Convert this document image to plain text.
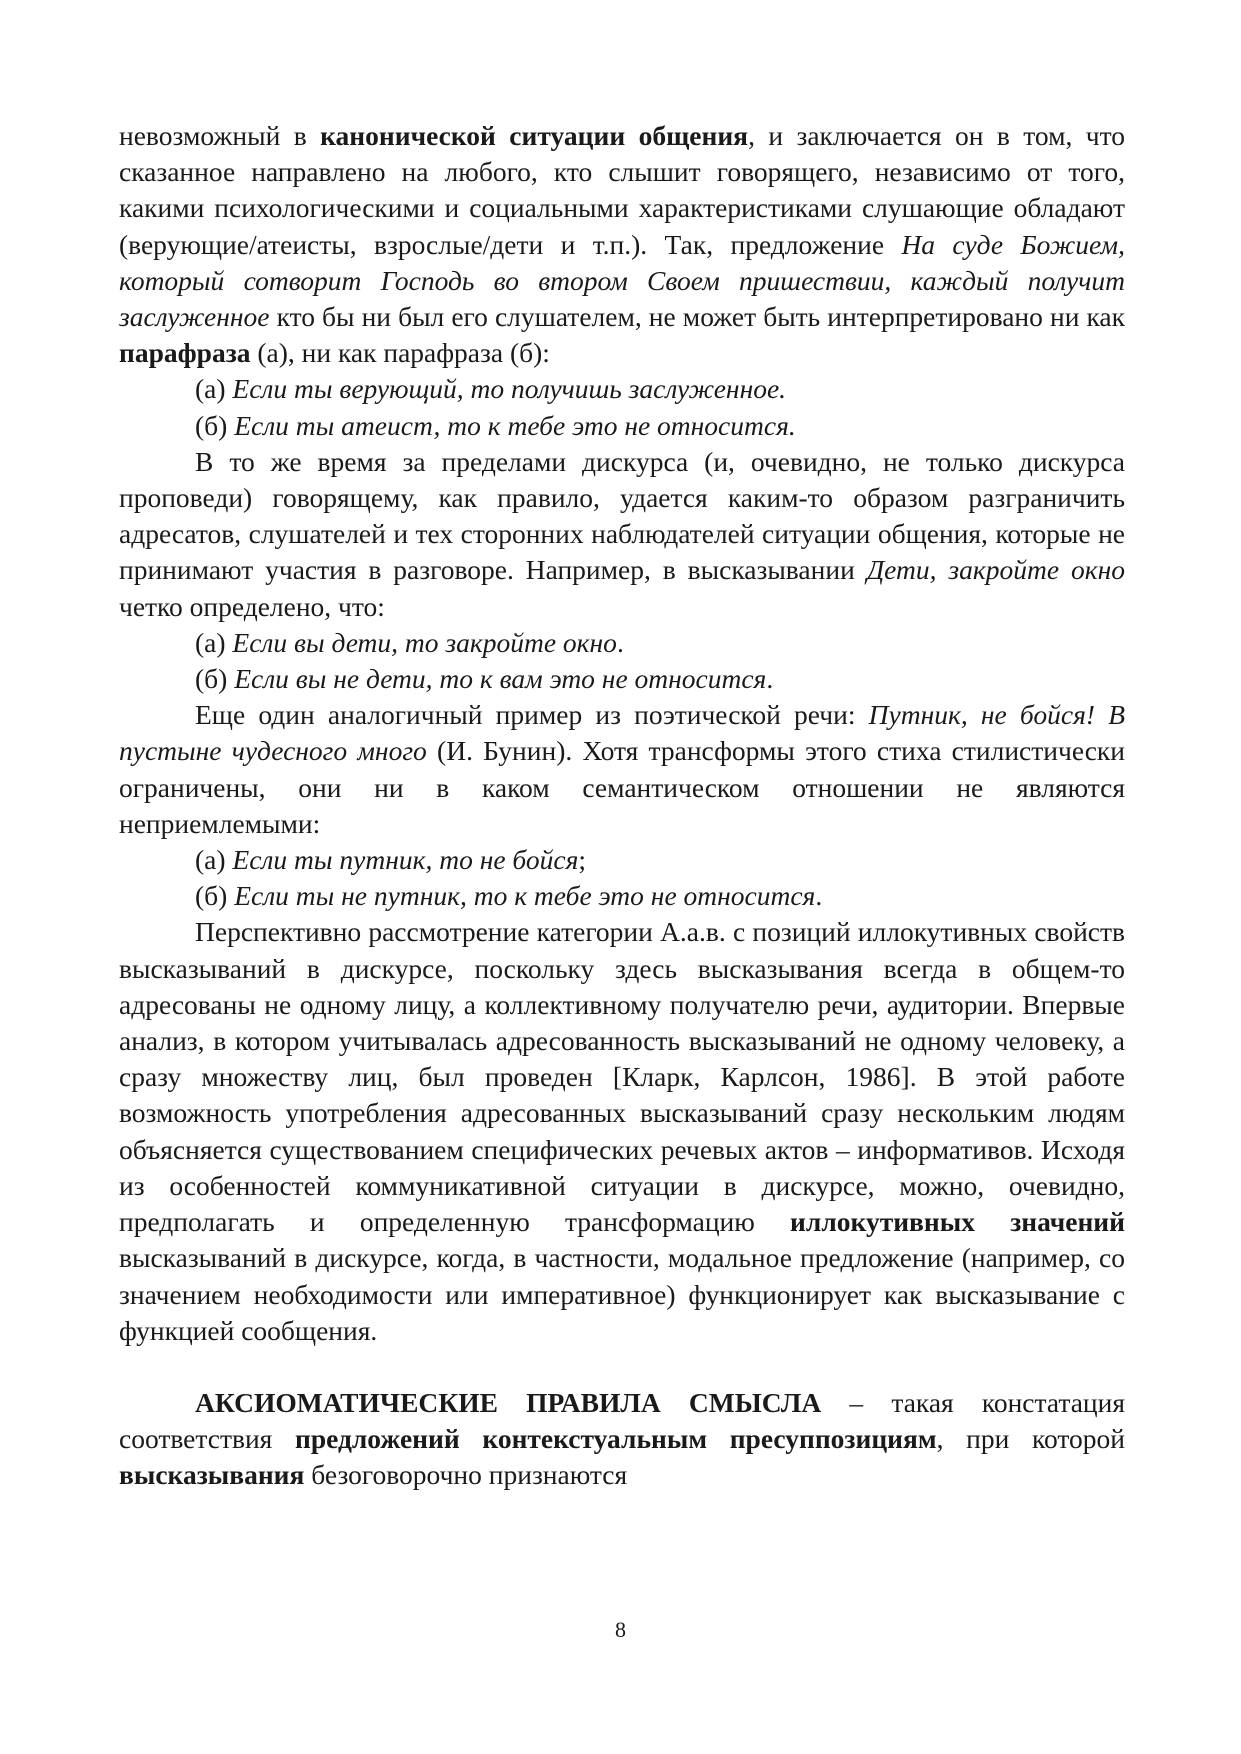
невозможный в канонической ситуации общения, и заключается он в том, что сказанное направлено на любого, кто слышит говорящего, независимо от того, какими психологическими и социальными характеристиками слушающие обладают (верующие/атеисты, взрослые/дети и т.п.). Так, предложение На суде Божием, который сотворит Господь во втором Своем пришествии, каждый получит заслуженное кто бы ни был его слушателем, не может быть интерпретировано ни как парафраза (а), ни как парафраза (б):

(а) Если ты верующий, то получишь заслуженное.

(б) Если ты атеист, то к тебе это не относится.

В то же время за пределами дискурса (и, очевидно, не только дискурса проповеди) говорящему, как правило, удается каким-то образом разграничить адресатов, слушателей и тех сторонних наблюдателей ситуации общения, которые не принимают участия в разговоре. Например, в высказывании Дети, закройте окно четко определено, что:

(а) Если вы дети, то закройте окно.

(б) Если вы не дети, то к вам это не относится.

Еще один аналогичный пример из поэтической речи: Путник, не бойся! В пустыне чудесного много (И. Бунин). Хотя трансформы этого стиха стилистически ограничены, они ни в каком семантическом отношении не являются неприемлемыми:

(а) Если ты путник, то не бойся;

(б) Если ты не путник, то к тебе это не относится.

Перспективно рассмотрение категории А.а.в. с позиций иллокутивных свойств высказываний в дискурсе, поскольку здесь высказывания всегда в общем-то адресованы не одному лицу, а коллективному получателю речи, аудитории. Впервые анализ, в котором учитывалась адресованность высказываний не одному человеку, а сразу множеству лиц, был проведен [Кларк, Карлсон, 1986]. В этой работе возможность употребления адресованных высказываний сразу нескольким людям объясняется существованием специфических речевых актов – информативов. Исходя из особенностей коммуникативной ситуации в дискурсе, можно, очевидно, предполагать и определенную трансформацию иллокутивных значений высказываний в дискурсе, когда, в частности, модальное предложение (например, со значением необходимости или императивное) функционирует как высказывание с функцией сообщения.

АКСИОМАТИЧЕСКИЕ ПРАВИЛА СМЫСЛА – такая констатация соответствия предложений контекстуальным пресуппозициям, при которой высказывания безоговорочно признаются

8
